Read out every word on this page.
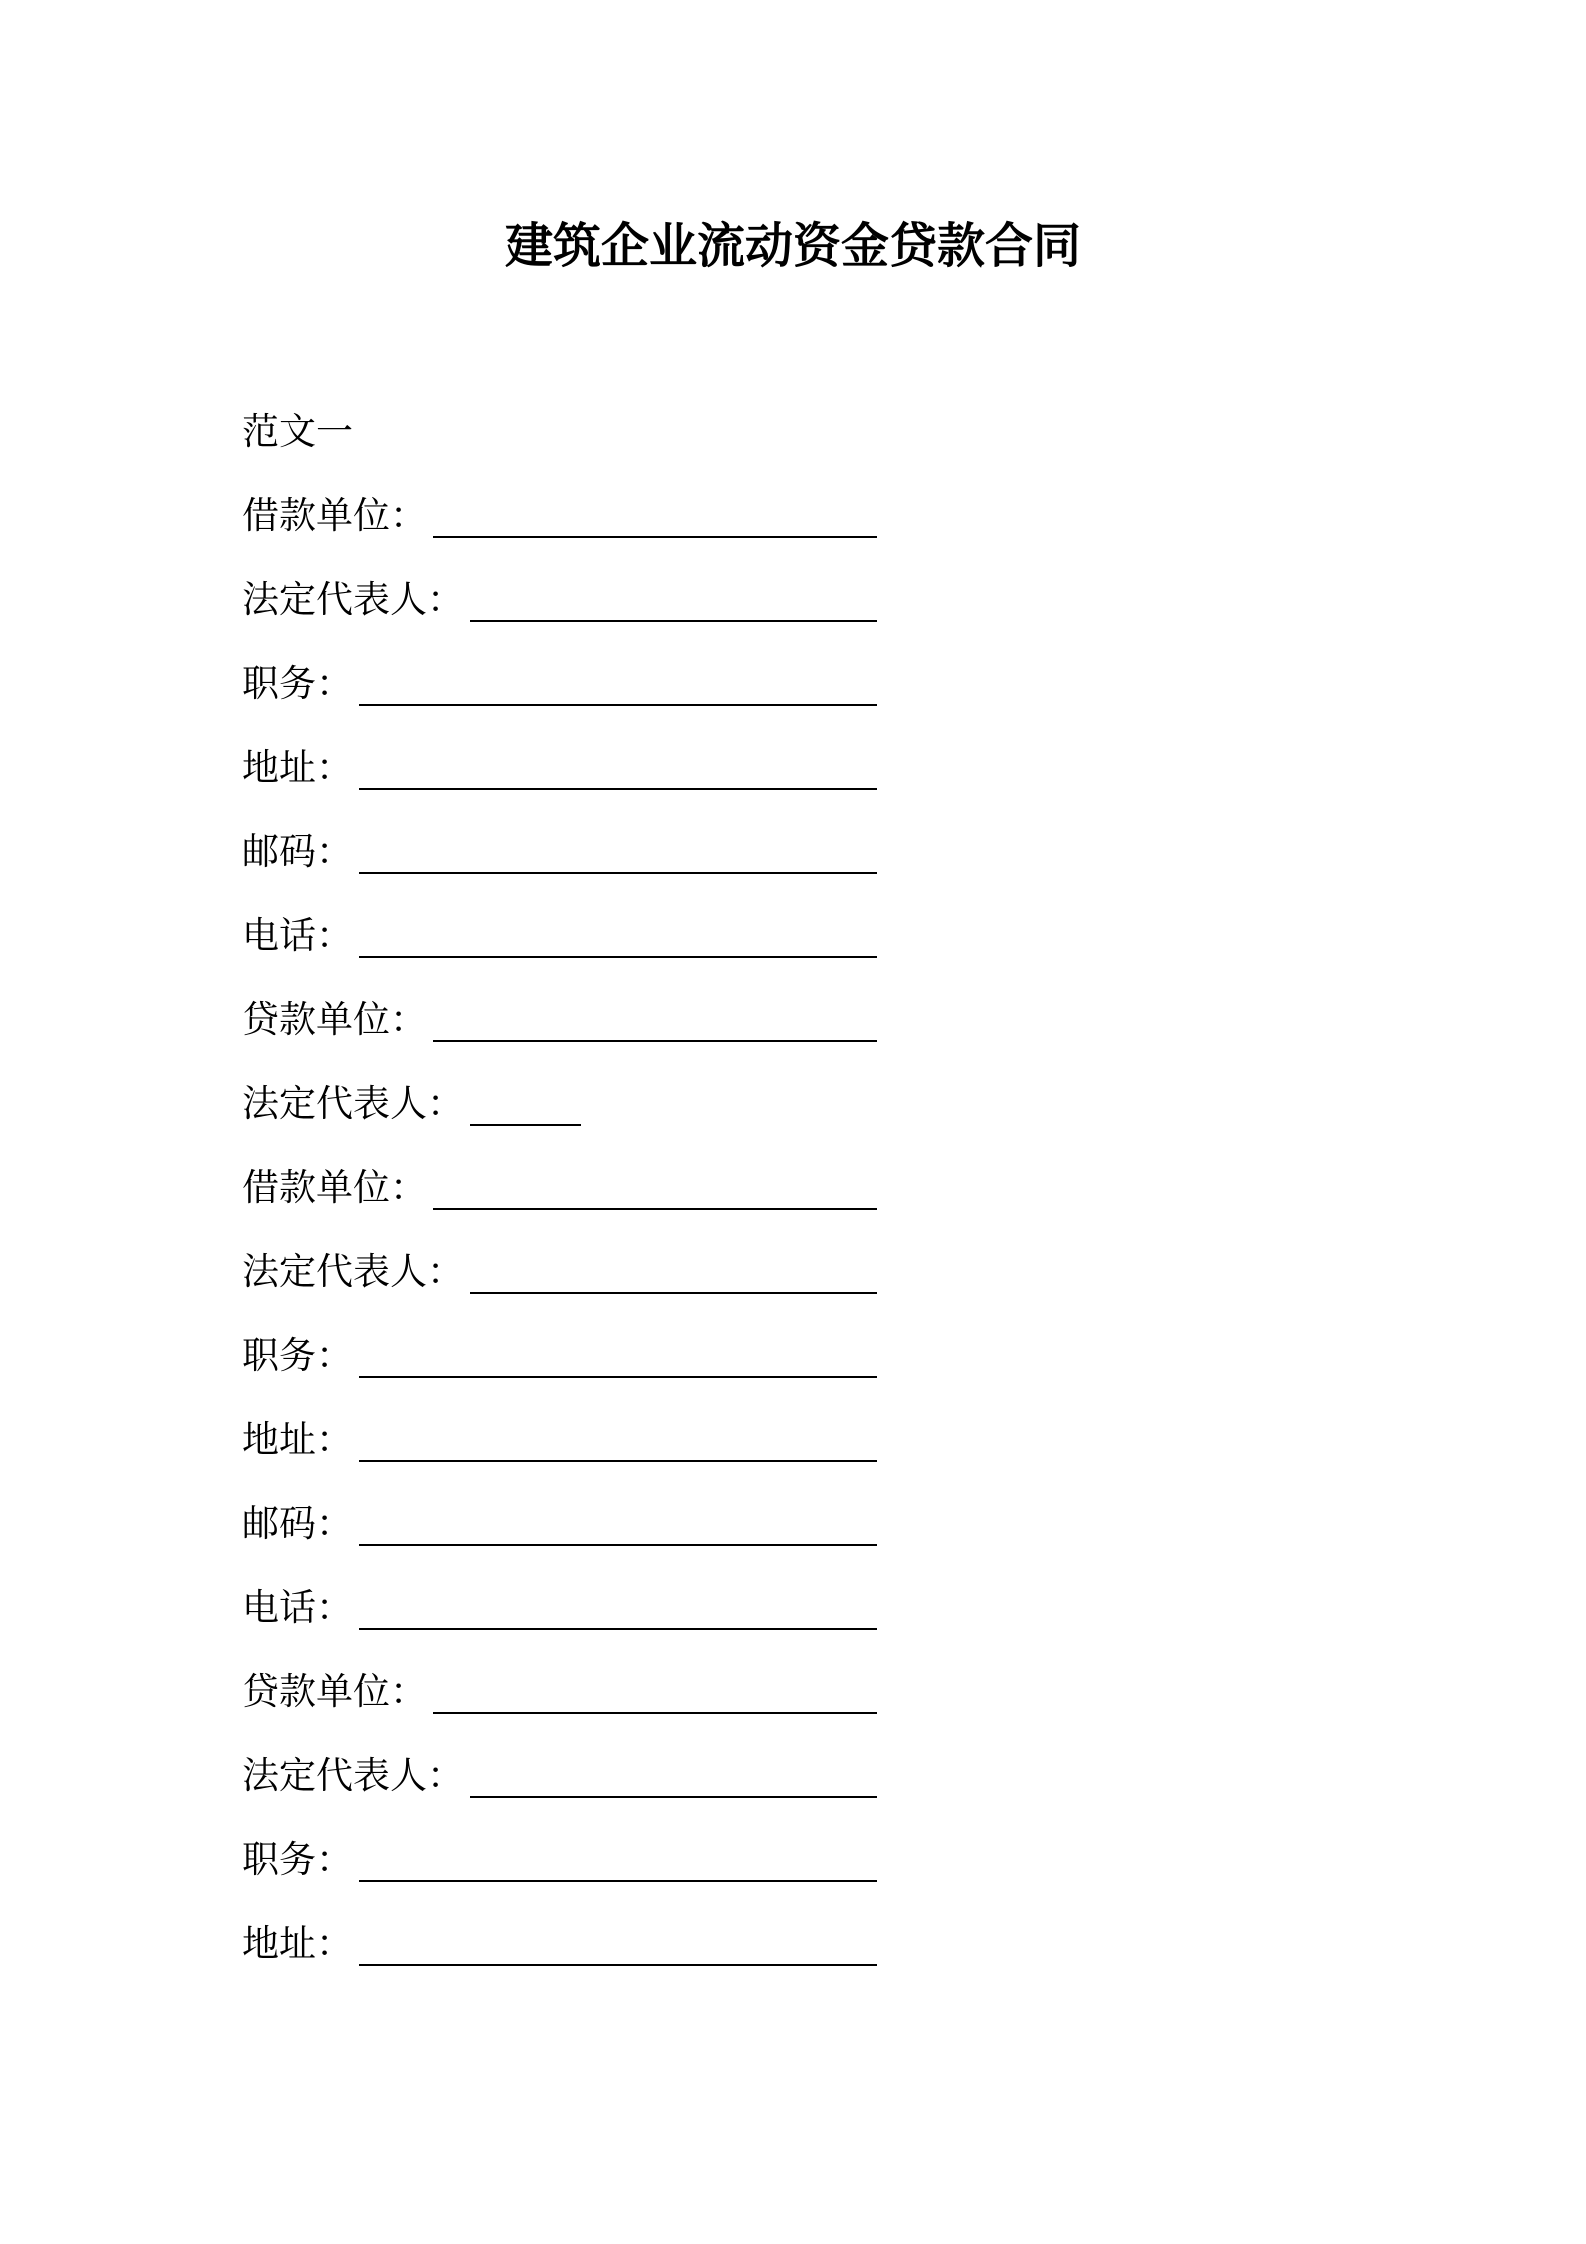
建筑企业流动资金贷款合同
范文一
借款单位：
法定代表人：
职务：
地址：
邮码：
电话：
贷款单位：
法定代表人：
借款单位：
法定代表人：
职务：
地址：
邮码：
电话：
贷款单位：
法定代表人：
职务：
地址：
